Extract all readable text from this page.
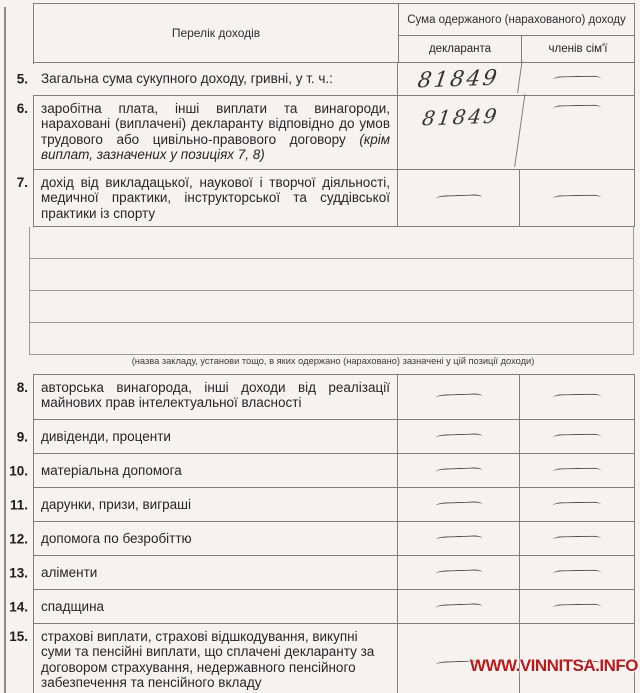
Перелік доходів
Сума одержаного (нарахованого) доходу
декларанта	членів сім'ї
5. Загальна сума сукупного доходу, гривні, у т. ч.:	81849
6. заробітна плата, інші виплати та винагороди, нараховані (виплачені) декларанту відповідно до умов трудового або цивільно-правового договору (крім виплат, зазначених у позиціях 7, 8)
81849
7. дохід від викладацької, наукової і творчої діяльності, медичної практики, інструкторської та суддівської практики із спорту
(назва закладу, установи тощо, в яких одержано (нараховано) зазначені у цій позиції доходи)
8. авторська винагорода, інші доходи від реалізації майнових прав інтелектуальної власності
9. дивіденди, проценти
10. матеріальна допомога
11. дарунки, призи, виграші
12. допомога по безробіттю
13. аліменти
14. спадщина
15. страхові виплати, страхові відшкодування, викупні суми та пенсійні виплати, що сплачені декларанту за договором страхування, недержавного пенсійного забезпечення та пенсійного вкладу
WWW.VINNITSA.INFO
